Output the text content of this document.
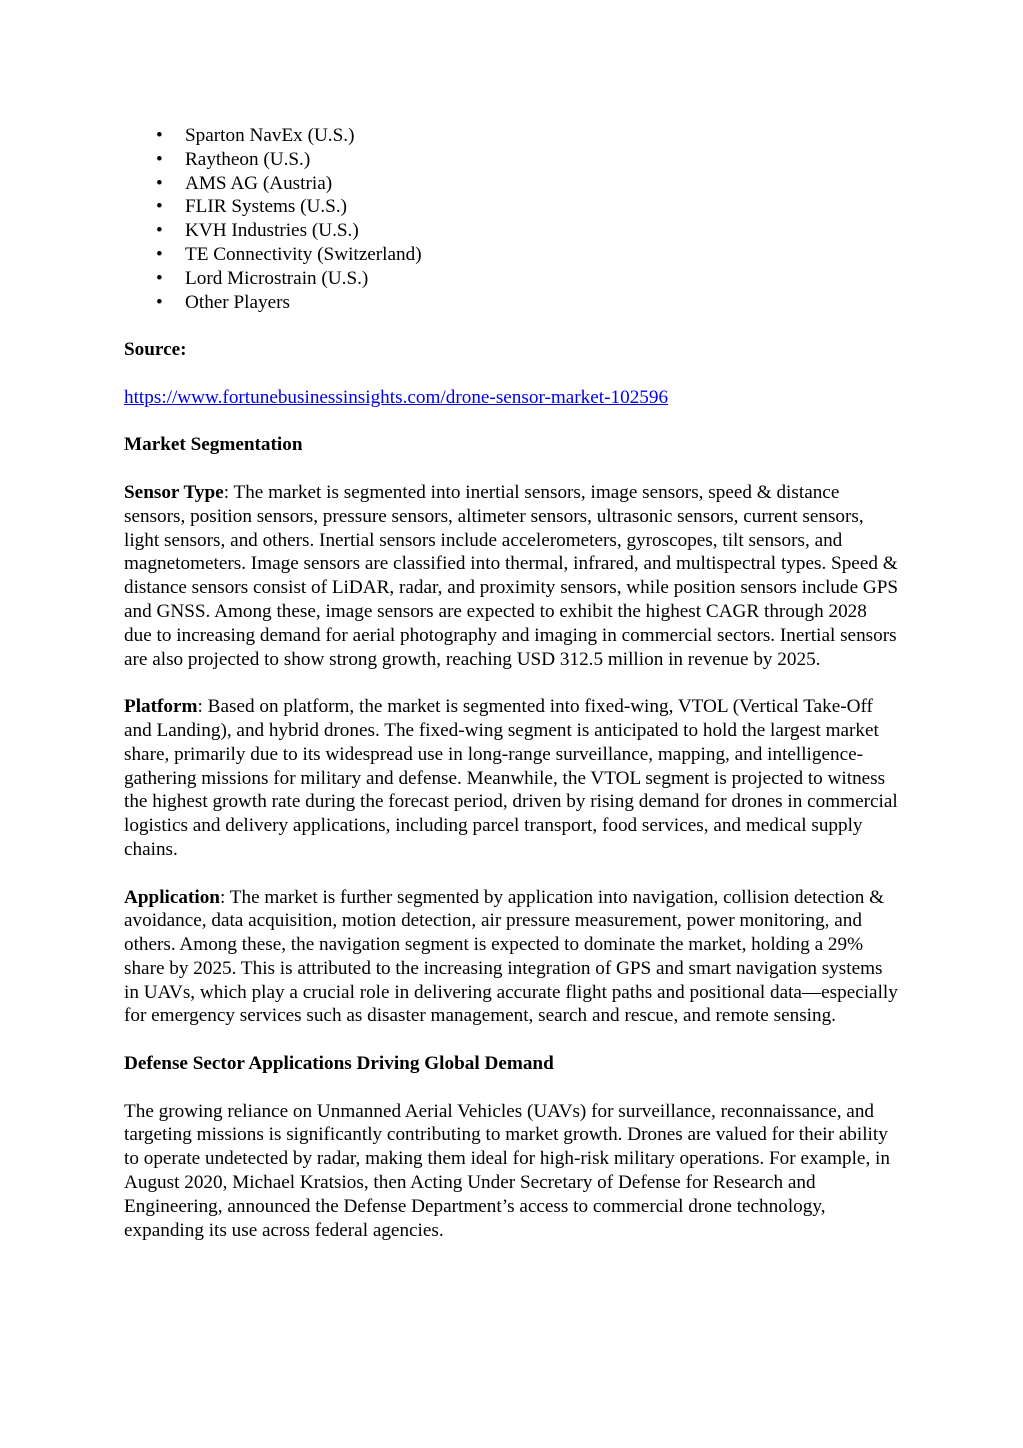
• Sparton NavEx (U.S.)
• Raytheon (U.S.)
• AMS AG (Austria)
• FLIR Systems (U.S.)
• KVH Industries (U.S.)
• TE Connectivity (Switzerland)
• Lord Microstrain (U.S.)
• Other Players

Source:

https://www.fortunebusinessinsights.com/drone-sensor-market-102596

Market Segmentation

Sensor Type: The market is segmented into inertial sensors, image sensors, speed & distance sensors, position sensors, pressure sensors, altimeter sensors, ultrasonic sensors, current sensors, light sensors, and others. Inertial sensors include accelerometers, gyroscopes, tilt sensors, and magnetometers. Image sensors are classified into thermal, infrared, and multispectral types. Speed & distance sensors consist of LiDAR, radar, and proximity sensors, while position sensors include GPS and GNSS. Among these, image sensors are expected to exhibit the highest CAGR through 2028 due to increasing demand for aerial photography and imaging in commercial sectors. Inertial sensors are also projected to show strong growth, reaching USD 312.5 million in revenue by 2025.

Platform: Based on platform, the market is segmented into fixed-wing, VTOL (Vertical Take-Off and Landing), and hybrid drones. The fixed-wing segment is anticipated to hold the largest market share, primarily due to its widespread use in long-range surveillance, mapping, and intelligence-gathering missions for military and defense. Meanwhile, the VTOL segment is projected to witness the highest growth rate during the forecast period, driven by rising demand for drones in commercial logistics and delivery applications, including parcel transport, food services, and medical supply chains.

Application: The market is further segmented by application into navigation, collision detection & avoidance, data acquisition, motion detection, air pressure measurement, power monitoring, and others. Among these, the navigation segment is expected to dominate the market, holding a 29% share by 2025. This is attributed to the increasing integration of GPS and smart navigation systems in UAVs, which play a crucial role in delivering accurate flight paths and positional data—especially for emergency services such as disaster management, search and rescue, and remote sensing.

Defense Sector Applications Driving Global Demand

The growing reliance on Unmanned Aerial Vehicles (UAVs) for surveillance, reconnaissance, and targeting missions is significantly contributing to market growth. Drones are valued for their ability to operate undetected by radar, making them ideal for high-risk military operations. For example, in August 2020, Michael Kratsios, then Acting Under Secretary of Defense for Research and Engineering, announced the Defense Department’s access to commercial drone technology, expanding its use across federal agencies.
